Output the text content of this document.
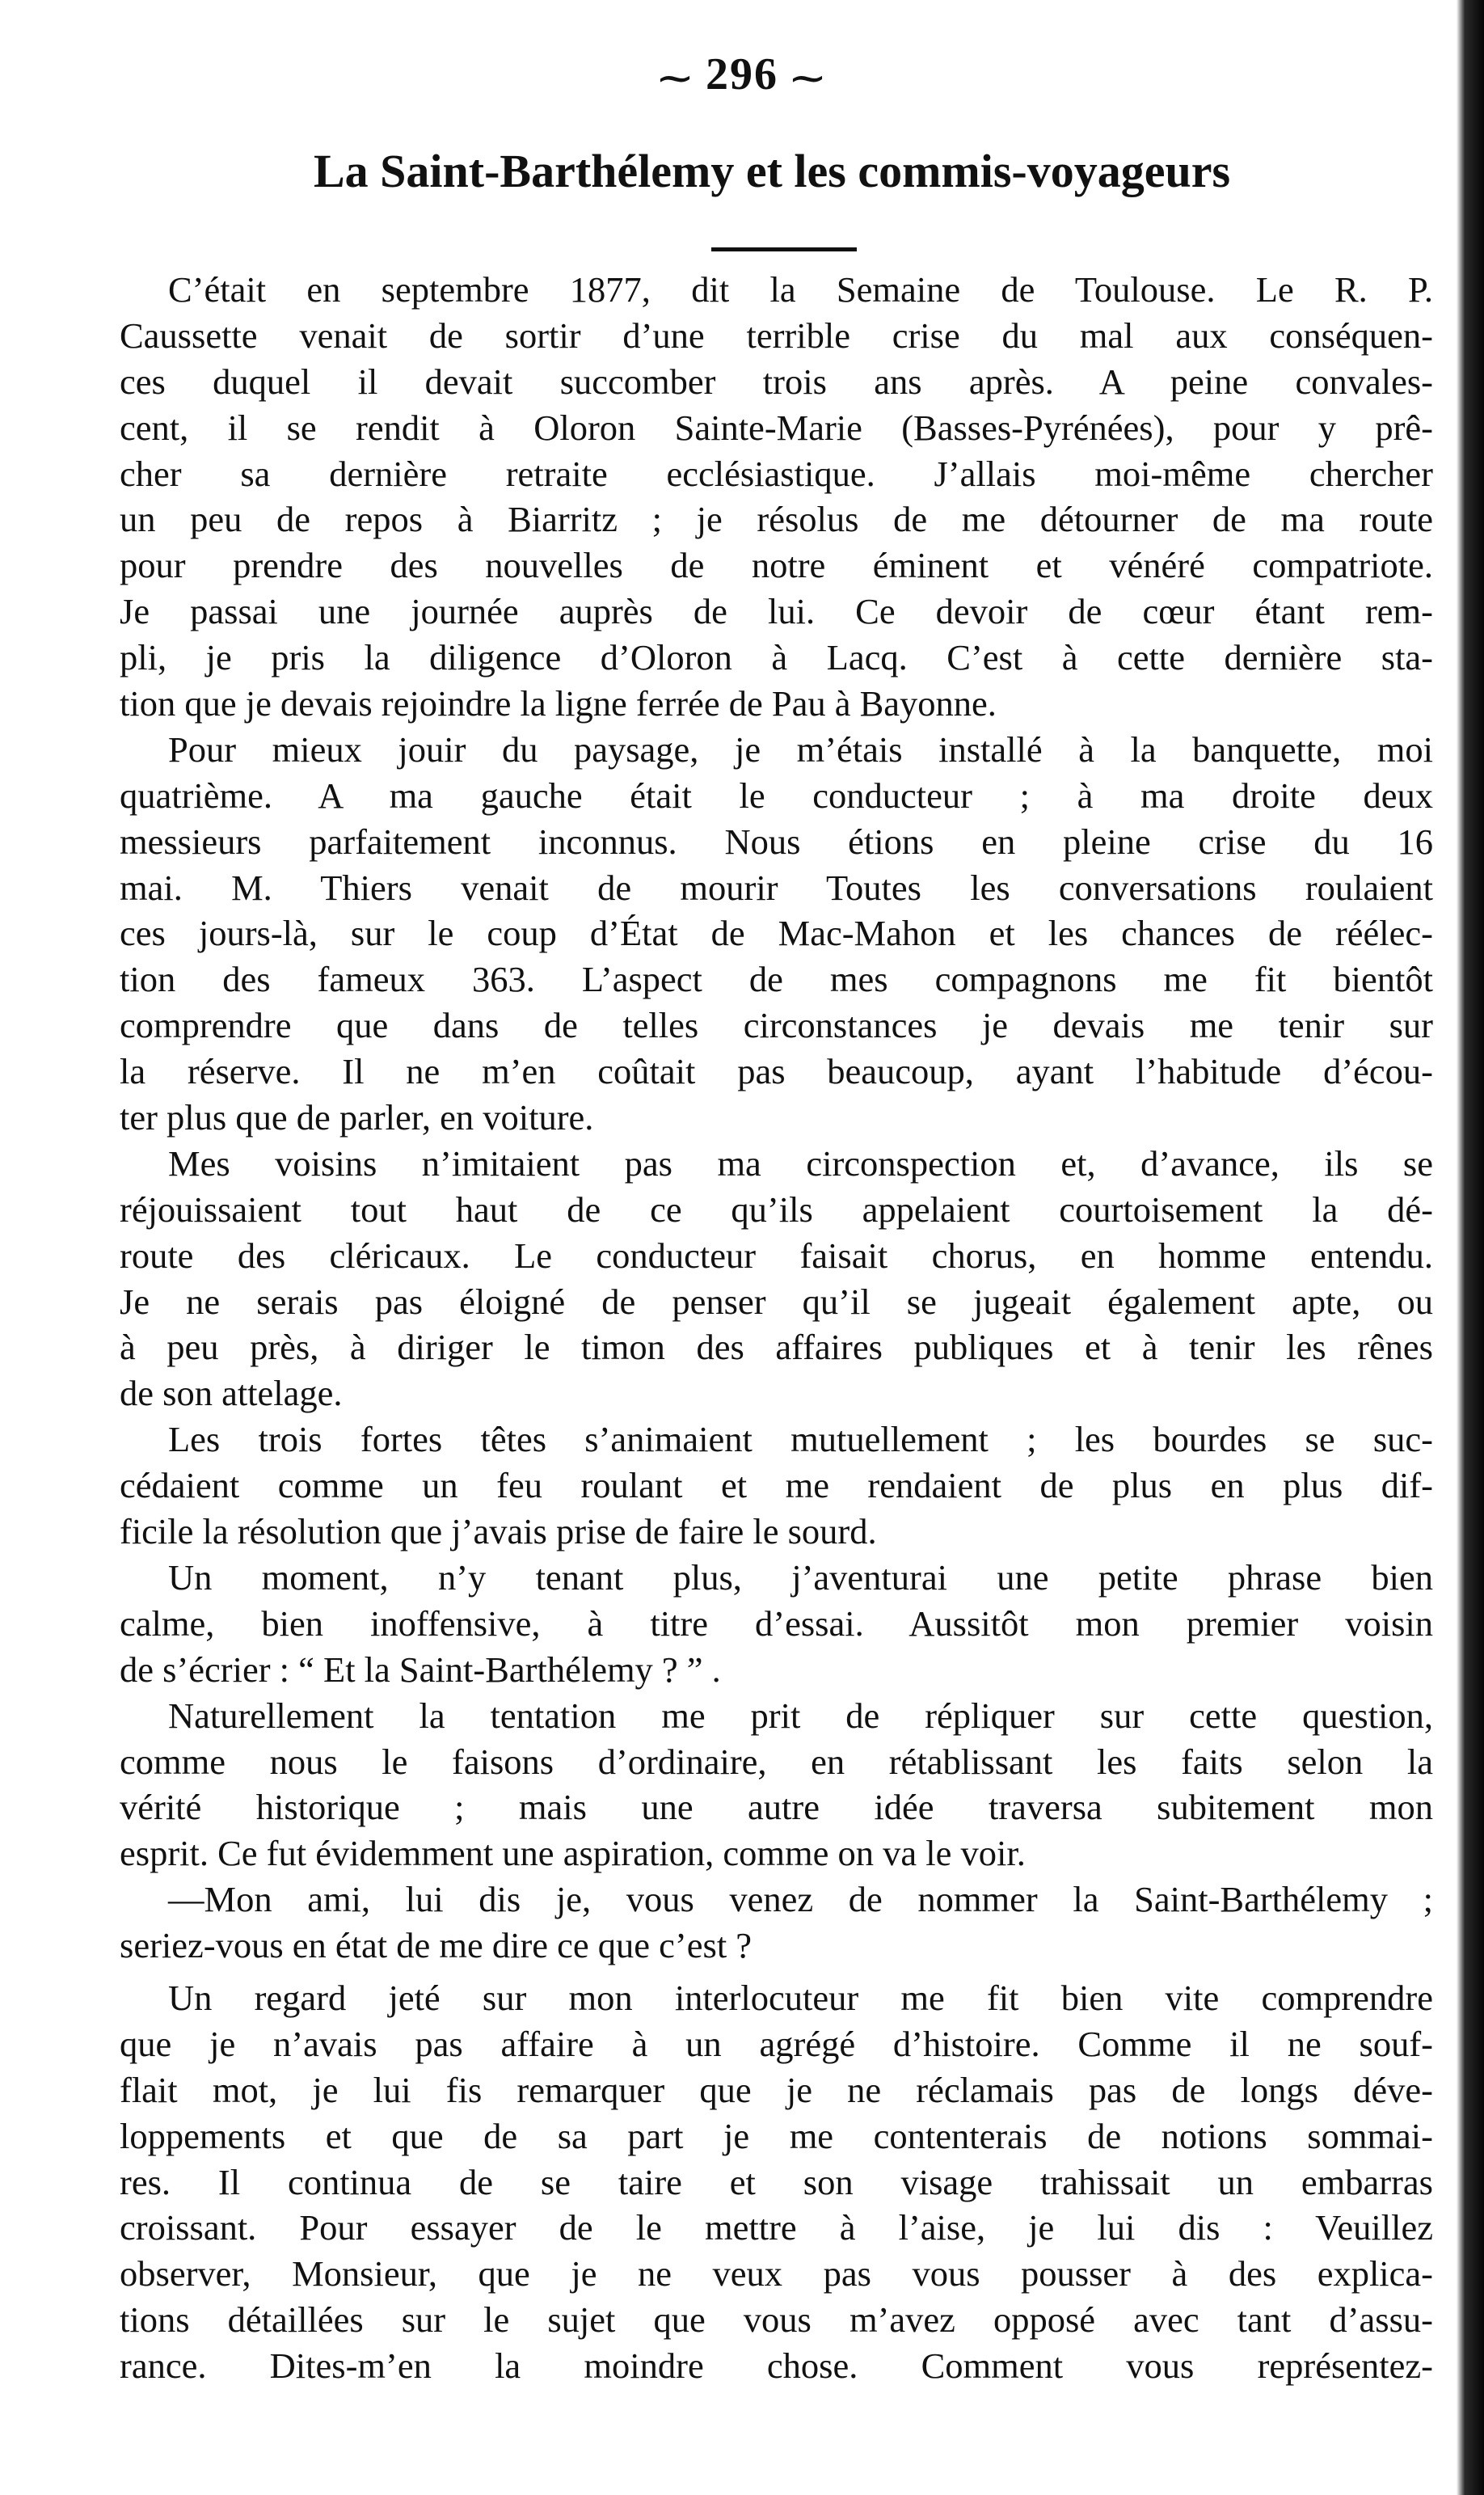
⁓ 296 ⁓
La Saint-Barthélemy et les commis-voyageurs
C’était en septembre 1877, dit la Semaine de Toulouse. Le R. P.
Caussette venait de sortir d’une terrible crise du mal aux conséquen-
ces duquel il devait succomber trois ans après. A peine convales-
cent, il se rendit à Oloron Sainte-Marie (Basses-Pyrénées), pour y prê-
cher sa dernière retraite ecclésiastique. J’allais moi-même chercher
un peu de repos à Biarritz ; je résolus de me détourner de ma route
pour prendre des nouvelles de notre éminent et vénéré compatriote.
Je passai une journée auprès de lui. Ce devoir de cœur étant rem-
pli, je pris la diligence d’Oloron à Lacq. C’est à cette dernière sta-
tion que je devais rejoindre la ligne ferrée de Pau à Bayonne.
Pour mieux jouir du paysage, je m’étais installé à la banquette, moi
quatrième. A ma gauche était le conducteur ; à ma droite deux
messieurs parfaitement inconnus. Nous étions en pleine crise du 16
mai. M. Thiers venait de mourir Toutes les conversations roulaient
ces jours-là, sur le coup d’État de Mac-Mahon et les chances de réélec-
tion des fameux 363. L’aspect de mes compagnons me fit bientôt
comprendre que dans de telles circonstances je devais me tenir sur
la réserve. Il ne m’en coûtait pas beaucoup, ayant l’habitude d’écou-
ter plus que de parler, en voiture.
Mes voisins n’imitaient pas ma circonspection et, d’avance, ils se
réjouissaient tout haut de ce qu’ils appelaient courtoisement la dé-
route des cléricaux. Le conducteur faisait chorus, en homme entendu.
Je ne serais pas éloigné de penser qu’il se jugeait également apte, ou
à peu près, à diriger le timon des affaires publiques et à tenir les rênes
de son attelage.
Les trois fortes têtes s’animaient mutuellement ; les bourdes se suc-
cédaient comme un feu roulant et me rendaient de plus en plus dif-
ficile la résolution que j’avais prise de faire le sourd.
Un moment, n’y tenant plus, j’aventurai une petite phrase bien
calme, bien inoffensive, à titre d’essai. Aussitôt mon premier voisin
de s’écrier : “ Et la Saint-Barthélemy ? ” .
Naturellement la tentation me prit de répliquer sur cette question,
comme nous le faisons d’ordinaire, en rétablissant les faits selon la
vérité historique ; mais une autre idée traversa subitement mon
esprit. Ce fut évidemment une aspiration, comme on va le voir.
—Mon ami, lui dis je, vous venez de nommer la Saint-Barthélemy ;
seriez-vous en état de me dire ce que c’est ?
Un regard jeté sur mon interlocuteur me fit bien vite comprendre
que je n’avais pas affaire à un agrégé d’histoire. Comme il ne souf-
flait mot, je lui fis remarquer que je ne réclamais pas de longs déve-
loppements et que de sa part je me contenterais de notions sommai-
res. Il continua de se taire et son visage trahissait un embarras
croissant. Pour essayer de le mettre à l’aise, je lui dis : Veuillez
observer, Monsieur, que je ne veux pas vous pousser à des explica-
tions détaillées sur le sujet que vous m’avez opposé avec tant d’assu-
rance. Dites-m’en la moindre chose. Comment vous représentez-
